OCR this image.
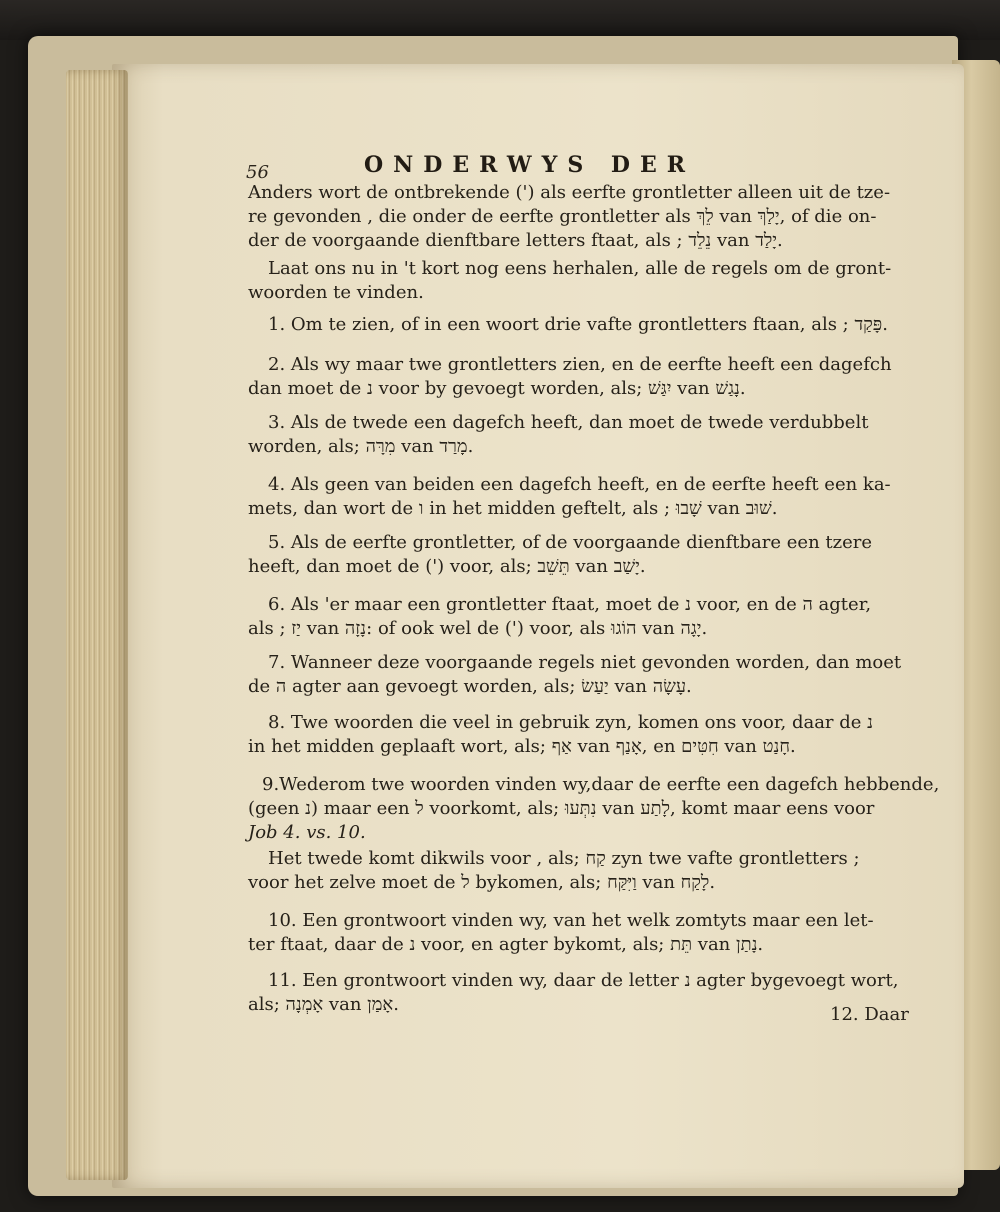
56	ONDERWYS DER
Anders wort de ontbrekende (') als eerfte grontletter alleen uit de tze-
re gevonden , die onder de eerfte grontletter als לֵךְ van יָלַךְ, of die on-
der de voorgaande dienftbare letters ftaat, als ; נֵלֵד van יָלַד.
Laat ons nu in 't kort nog eens herhalen, alle de regels om de gront-
woorden te vinden.
1. Om te zien, of in een woort drie vafte grontletters ftaan, als ; פָּקַד.
2. Als wy maar twe grontletters zien, en de eerfte heeft een dagefch
dan moet de נ voor by gevoegt worden, als; יִגַּשׁ van נָגַשׁ.
3. Als de twede een dagefch heeft, dan moet de twede verdubbelt
worden, als; מִרָּה van מָרַד.
4. Als geen van beiden een dagefch heeft, en de eerfte heeft een ka-
mets, dan wort de ו in het midden geftelt, als ; שָׁבוּ van שׁוּב.
5. Als de eerfte grontletter, of de voorgaande dienftbare een tzere
heeft, dan moet de (') voor, als; תֵּשֵׁב van יָשַׁב.
6. Als 'er maar een grontletter ftaat, moet de נ voor, en de ה agter,
als ; יַז van נָזָה: of ook wel de (') voor, als הוֹגוּ van יָגָה.
7. Wanneer deze voorgaande regels niet gevonden worden, dan moet
de ה agter aan gevoegt worden, als; יַעַשׂ van עָשָׂה.
8. Twe woorden die veel in gebruik zyn, komen ons voor, daar de נ
in het midden geplaaft wort, als; אַף van אָנַף, en חִטִּים van חָנַט.
9.Wederom twe woorden vinden wy,daar de eerfte een dagefch hebbende,
(geen נ) maar een ל voorkomt, als; נִתְּעוּ van לָתַע, komt maar eens voor
Job 4. vs. 10.
Het twede komt dikwils voor , als; קַח zyn twe vafte grontletters ;
voor het zelve moet de ל bykomen, als; וַיִּקַּח van לָקַח.
10. Een grontwoort vinden wy, van het welk zomtyts maar een let-
ter ftaat, daar de נ voor, en agter bykomt, als; תֵּת van נָתַן.
11. Een grontwoort vinden wy, daar de letter נ agter bygevoegt wort,
als; אָמְנָה van אָמַן.	12. Daar
